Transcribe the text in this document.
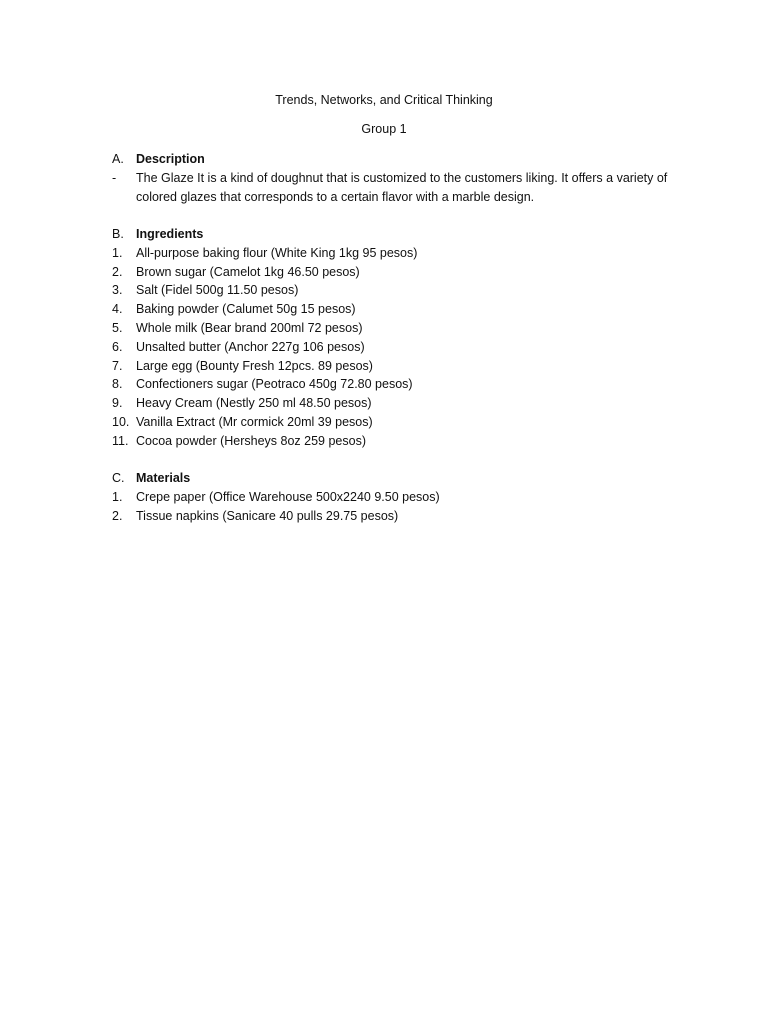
Trends, Networks, and Critical Thinking
Group 1
A. Description
-	The Glaze It is a kind of doughnut that is customized to the customers liking. It offers a variety of colored glazes that corresponds to a certain flavor with a marble design.
B. Ingredients
1.	All-purpose baking flour (White King 1kg 95 pesos)
2.	Brown sugar (Camelot 1kg 46.50 pesos)
3.	Salt (Fidel 500g 11.50 pesos)
4.	Baking powder (Calumet 50g 15 pesos)
5.	Whole milk (Bear brand 200ml 72 pesos)
6.	Unsalted butter (Anchor 227g 106 pesos)
7.	Large egg (Bounty Fresh 12pcs. 89 pesos)
8.	Confectioners sugar (Peotraco 450g 72.80 pesos)
9.	Heavy Cream (Nestly 250 ml 48.50 pesos)
10. Vanilla Extract (Mr cormick 20ml 39 pesos)
11. Cocoa powder (Hersheys 8oz 259 pesos)
C. Materials
1.	Crepe paper (Office Warehouse 500x2240 9.50 pesos)
2.	Tissue napkins (Sanicare 40 pulls 29.75 pesos)
